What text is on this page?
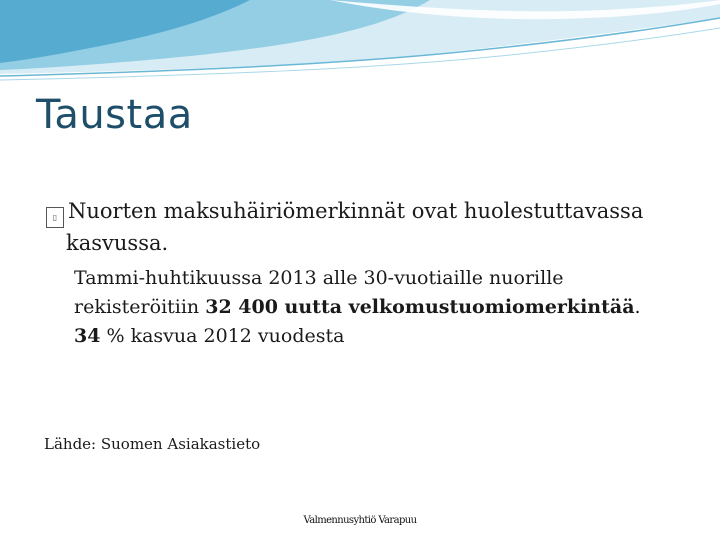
Taustaa
▯ Nuorten maksuhäiriömerkinnät ovat huolestuttavassa
kasvussa.
Tammi-huhtikuussa 2013 alle 30-vuotiaille nuorille
rekisteröitiin 32 400 uutta velkomustuomiomerkintää.
34 % kasvua 2012 vuodesta
Lähde: Suomen Asiakastieto
Valmennusyhtiö Varapuu
